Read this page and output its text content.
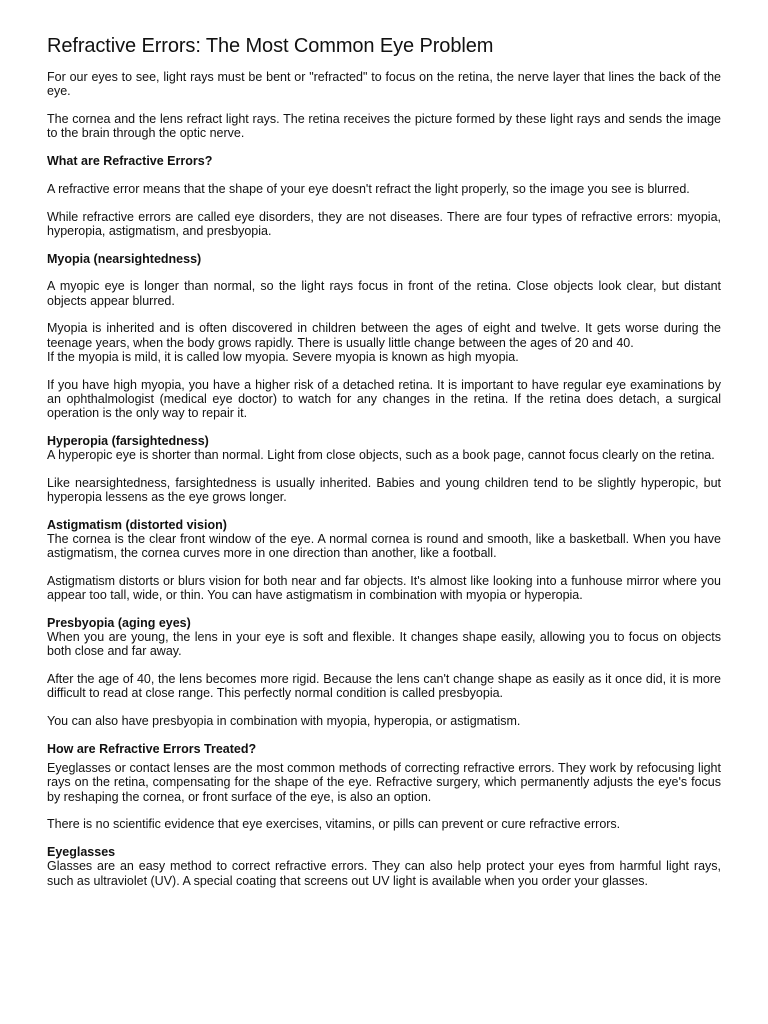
Refractive Errors: The Most Common Eye Problem

For our eyes to see, light rays must be bent or "refracted" to focus on the retina, the nerve layer that lines the back of the eye.

The cornea and the lens refract light rays. The retina receives the picture formed by these light rays and sends the image to the brain through the optic nerve.

What are Refractive Errors?

A refractive error means that the shape of your eye doesn't refract the light properly, so the image you see is blurred.

While refractive errors are called eye disorders, they are not diseases. There are four types of refractive errors: myopia, hyperopia, astigmatism, and presbyopia.

Myopia (nearsightedness)

A myopic eye is longer than normal, so the light rays focus in front of the retina. Close objects look clear, but distant objects appear blurred.

Myopia is inherited and is often discovered in children between the ages of eight and twelve. It gets worse during the teenage years, when the body grows rapidly. There is usually little change between the ages of 20 and 40.

If the myopia is mild, it is called low myopia. Severe myopia is known as high myopia.

If you have high myopia, you have a higher risk of a detached retina. It is important to have regular eye examinations by an ophthalmologist (medical eye doctor) to watch for any changes in the retina. If the retina does detach, a surgical operation is the only way to repair it.

Hyperopia (farsightedness)

A hyperopic eye is shorter than normal. Light from close objects, such as a book page, cannot focus clearly on the retina.

Like nearsightedness, farsightedness is usually inherited. Babies and young children tend to be slightly hyperopic, but hyperopia lessens as the eye grows longer.

Astigmatism (distorted vision)

The cornea is the clear front window of the eye. A normal cornea is round and smooth, like a basketball. When you have astigmatism, the cornea curves more in one direction than another, like a football.

Astigmatism distorts or blurs vision for both near and far objects. It's almost like looking into a funhouse mirror where you appear too tall, wide, or thin. You can have astigmatism in combination with myopia or hyperopia.

Presbyopia (aging eyes)

When you are young, the lens in your eye is soft and flexible. It changes shape easily, allowing you to focus on objects both close and far away.

After the age of 40, the lens becomes more rigid. Because the lens can't change shape as easily as it once did, it is more difficult to read at close range. This perfectly normal condition is called presbyopia.

You can also have presbyopia in combination with myopia, hyperopia, or astigmatism.

How are Refractive Errors Treated?

Eyeglasses or contact lenses are the most common methods of correcting refractive errors. They work by refocusing light rays on the retina, compensating for the shape of the eye. Refractive surgery, which permanently adjusts the eye's focus by reshaping the cornea, or front surface of the eye, is also an option.

There is no scientific evidence that eye exercises, vitamins, or pills can prevent or cure refractive errors.

Eyeglasses

Glasses are an easy method to correct refractive errors. They can also help protect your eyes from harmful light rays, such as ultraviolet (UV). A special coating that screens out UV light is available when you order your glasses.
